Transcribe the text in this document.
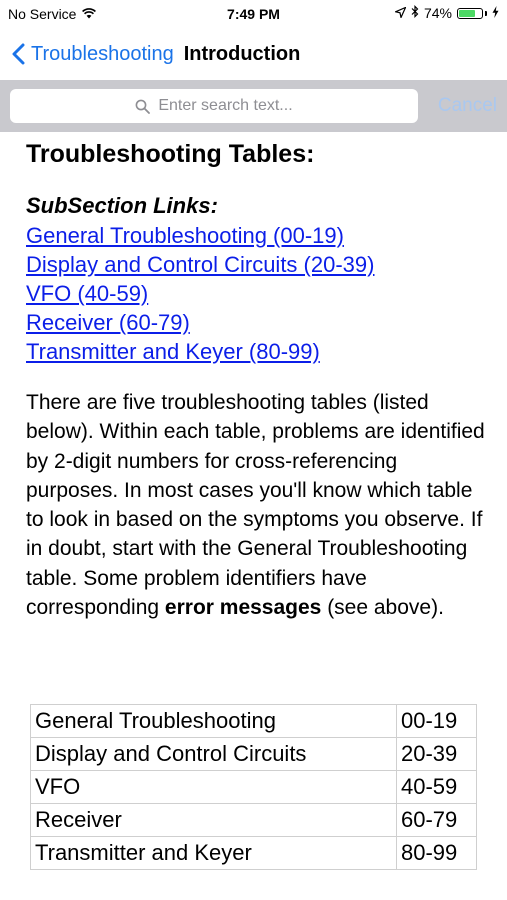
No Service	7:49 PM	74%
Troubleshooting Introduction
Enter search text...	Cancel
Troubleshooting Tables:
SubSection Links:
General Troubleshooting (00-19)
Display and Control Circuits (20-39)
VFO (40-59)
Receiver (60-79)
Transmitter and Keyer (80-99)
There are five troubleshooting tables (listed below). Within each table, problems are identified by 2-digit numbers for cross-referencing purposes. In most cases you'll know which table to look in based on the symptoms you observe. If in doubt, start with the General Troubleshooting table. Some problem identifiers have corresponding error messages (see above).
General Troubleshooting	00-19
Display and Control Circuits	20-39
VFO	40-59
Receiver	60-79
Transmitter and Keyer	80-99
